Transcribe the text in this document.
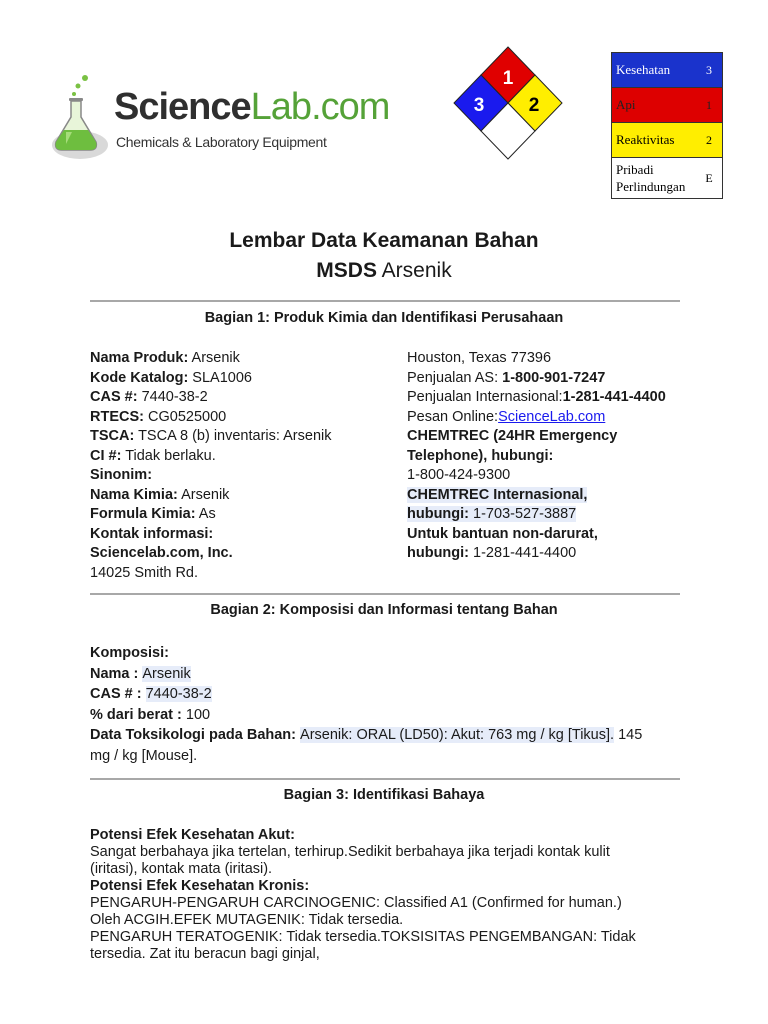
ScienceLab.com
Chemicals & Laboratory Equipment
1
3 2
Kesehatan	3
Api	1
Reaktivitas	2
Pribadi
Perlindungan	E
Lembar Data Keamanan Bahan
MSDS Arsenik
Bagian 1: Produk Kimia dan Identifikasi Perusahaan
Nama Produk: Arsenik
Kode Katalog: SLA1006
CAS #: 7440-38-2
RTECS: CG0525000
TSCA: TSCA 8 (b) inventaris: Arsenik
CI #: Tidak berlaku.
Sinonim:
Nama Kimia: Arsenik
Formula Kimia: As
Kontak informasi:
Sciencelab.com, Inc.
14025 Smith Rd.
Houston, Texas 77396
Penjualan AS: 1-800-901-7247
Penjualan Internasional:1-281-441-4400
Pesan Online:ScienceLab.com
CHEMTREC (24HR Emergency
Telephone), hubungi:
1-800-424-9300
CHEMTREC Internasional,
hubungi: 1-703-527-3887
Untuk bantuan non-darurat,
hubungi: 1-281-441-4400
Bagian 2: Komposisi dan Informasi tentang Bahan
Komposisi:
Nama : Arsenik
CAS # : 7440-38-2
% dari berat : 100
Data Toksikologi pada Bahan: Arsenik: ORAL (LD50): Akut: 763 mg / kg [Tikus]. 145
mg / kg [Mouse].
Bagian 3: Identifikasi Bahaya
Potensi Efek Kesehatan Akut:
Sangat berbahaya jika tertelan, terhirup.Sedikit berbahaya jika terjadi kontak kulit
(iritasi), kontak mata (iritasi).
Potensi Efek Kesehatan Kronis:
PENGARUH-PENGARUH CARCINOGENIC: Classified A1 (Confirmed for human.)
Oleh ACGIH.EFEK MUTAGENIK: Tidak tersedia.
PENGARUH TERATOGENIK: Tidak tersedia.TOKSISITAS PENGEMBANGAN: Tidak
tersedia. Zat itu beracun bagi ginjal,
